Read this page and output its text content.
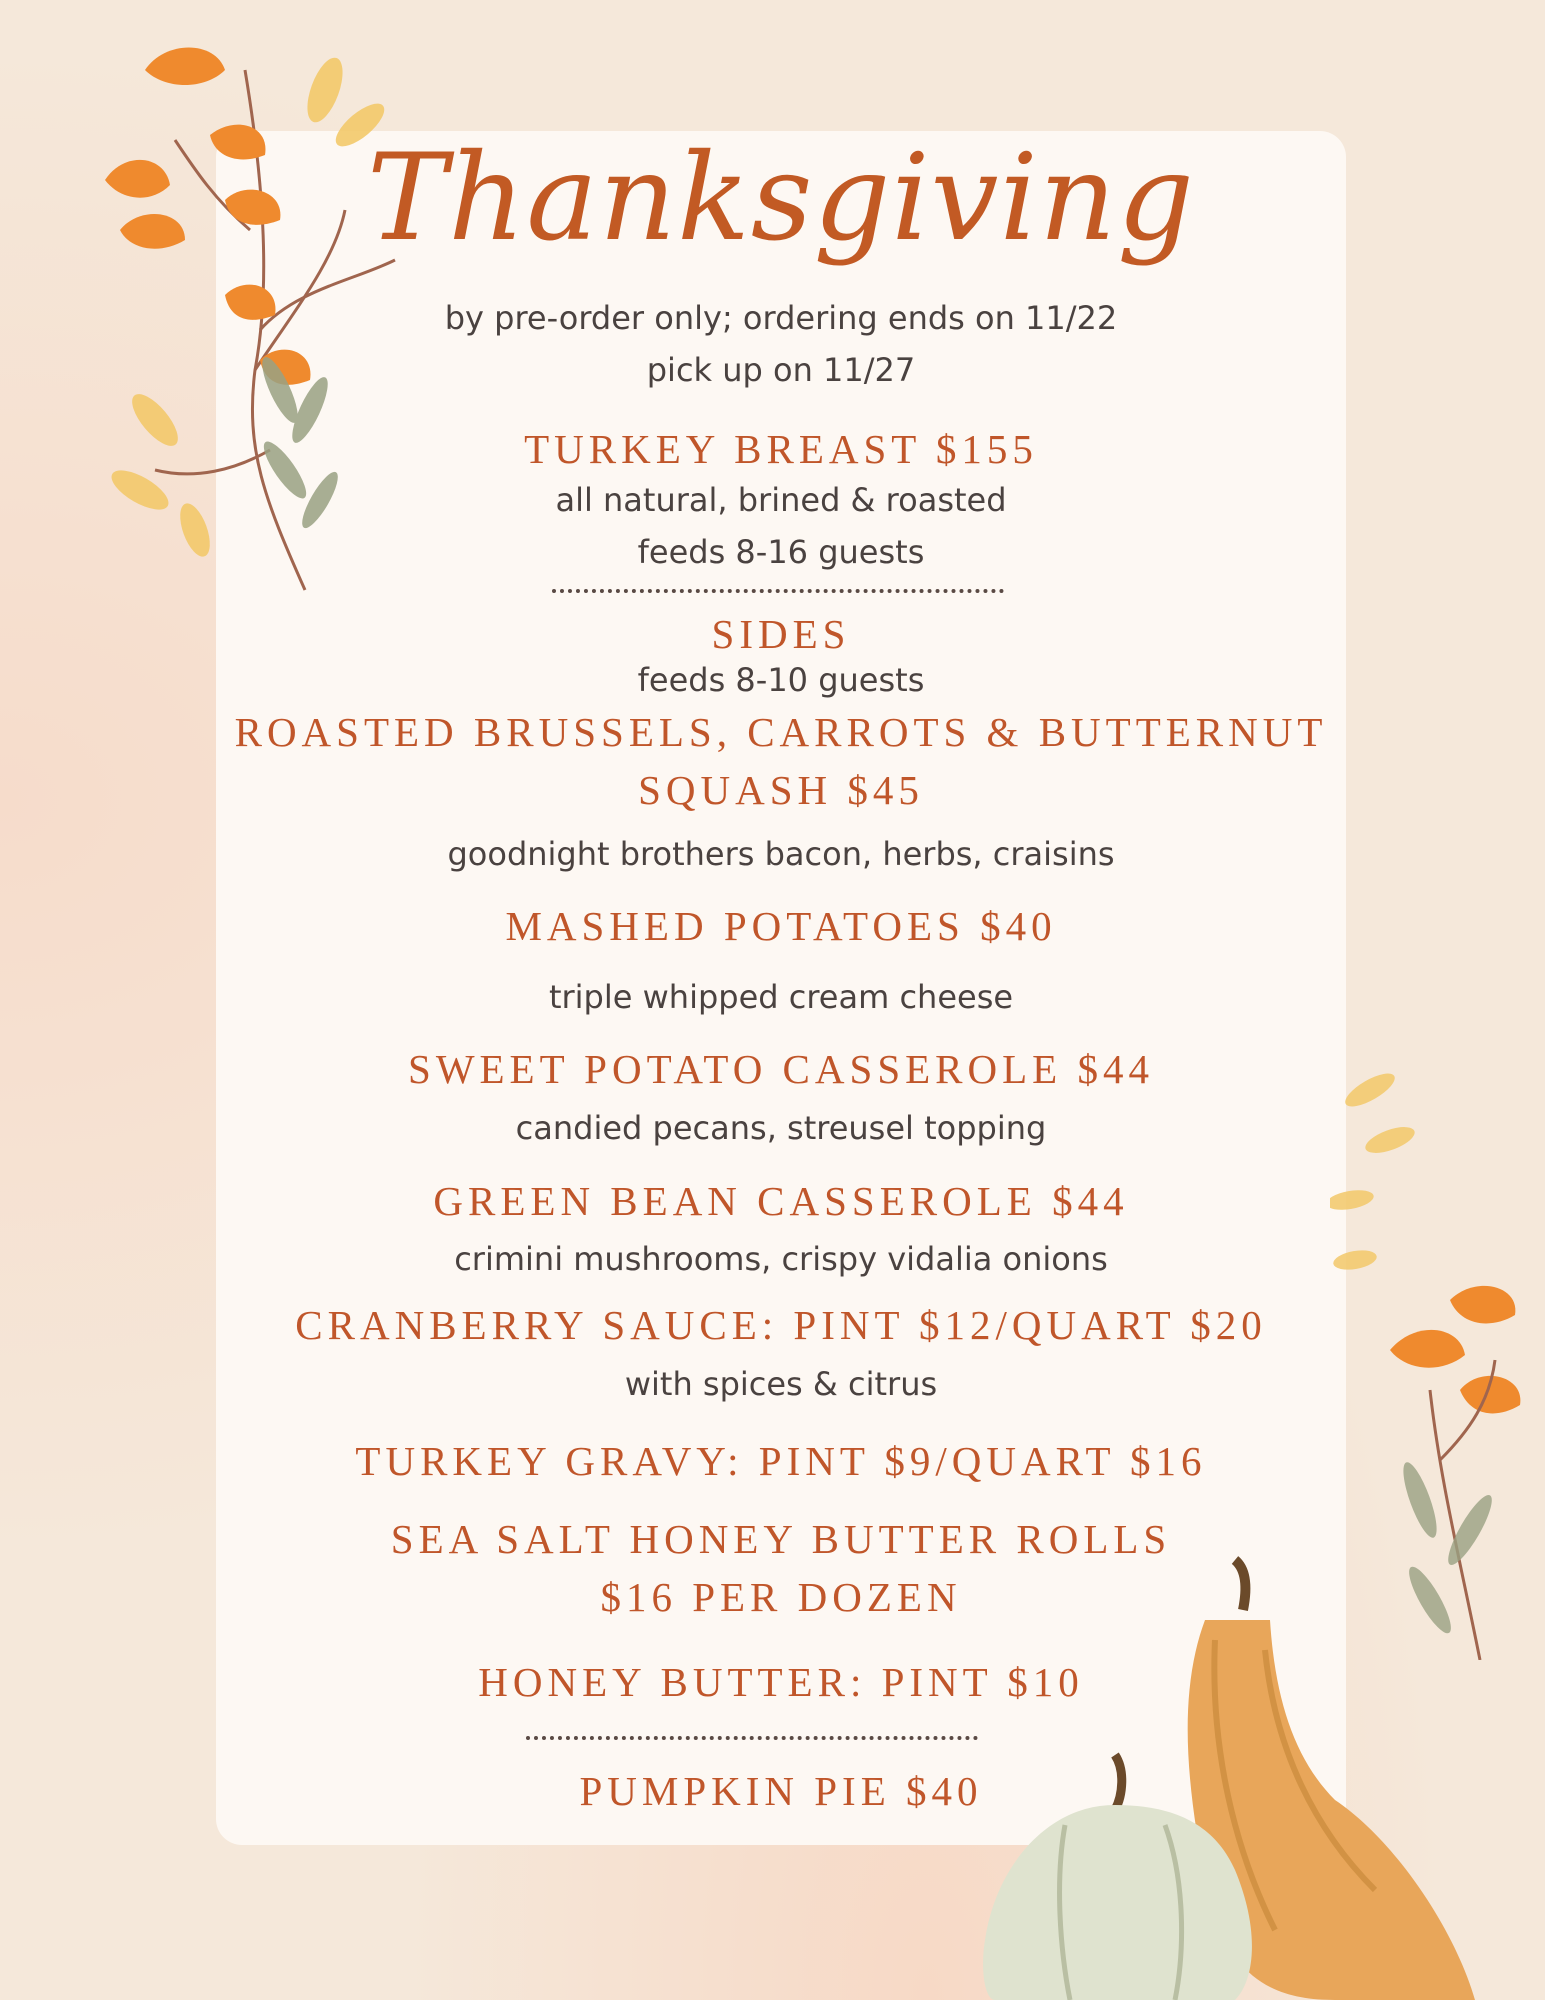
Thanksgiving
by pre-order only; ordering ends on 11/22
pick up on 11/27
TURKEY BREAST $155
all natural, brined & roasted
feeds 8-16 guests
SIDES
feeds 8-10 guests
ROASTED BRUSSELS, CARROTS & BUTTERNUT
SQUASH $45
goodnight brothers bacon, herbs, craisins
MASHED POTATOES $40
triple whipped cream cheese
SWEET POTATO CASSEROLE $44
candied pecans, streusel topping
GREEN BEAN CASSEROLE $44
crimini mushrooms, crispy vidalia onions
CRANBERRY SAUCE: PINT $12/QUART $20
with spices & citrus
TURKEY GRAVY: PINT $9/QUART $16
SEA SALT HONEY BUTTER ROLLS
$16 PER DOZEN
HONEY BUTTER: PINT $10
PUMPKIN PIE $40
